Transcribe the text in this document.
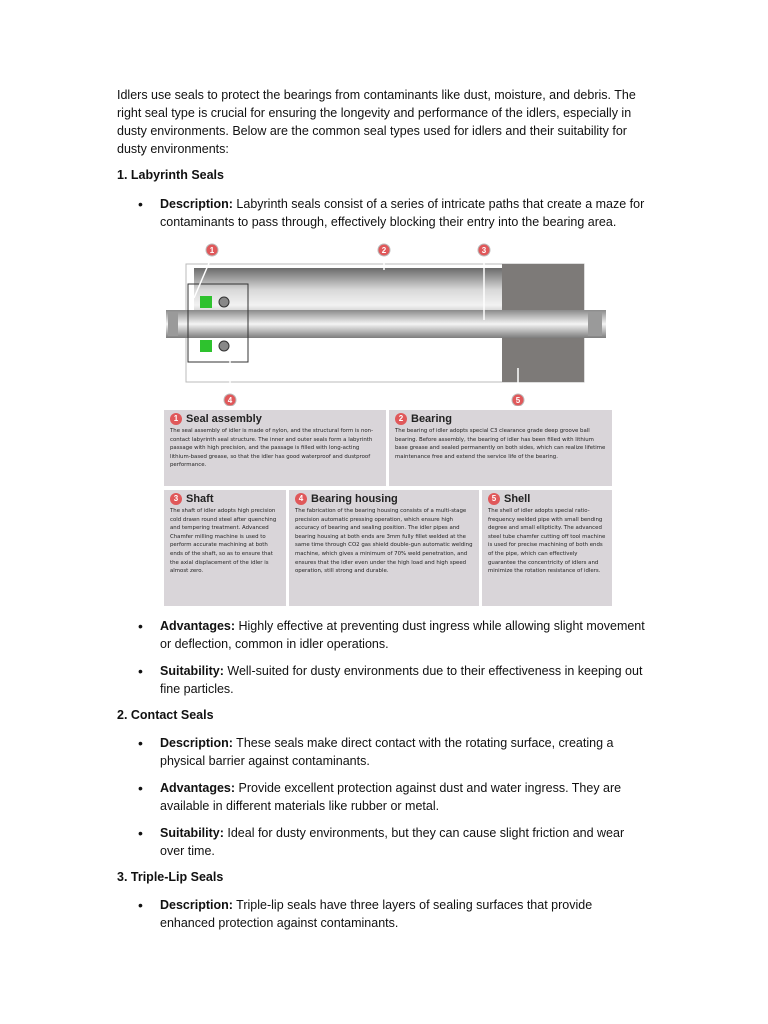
Idlers use seals to protect the bearings from contaminants like dust, moisture, and debris. The right seal type is crucial for ensuring the longevity and performance of the idlers, especially in dusty environments. Below are the common seal types used for idlers and their suitability for dusty environments:
1. Labyrinth Seals
• Description: Labyrinth seals consist of a series of intricate paths that create a maze for contaminants to pass through, effectively blocking their entry into the bearing area.
1	2	3
4	5
1 Seal assembly
The seal assembly of idler is made of nylon, and the structural form is non-contact labyrinth seal structure. The inner and outer seals form a labyrinth passage with high precision, and the passage is filled with long-acting lithium-based grease, so that the idler has good waterproof and dustproof performance.
2 Bearing
The bearing of idler adopts special C3 clearance grade deep groove ball bearing. Before assembly, the bearing of idler has been filled with lithium base grease and sealed permanently on both sides, which can realize lifetime maintenance free and extend the service life of the bearing.
3 Shaft
The shaft of idler adopts high precision cold drawn round steel after quenching and tempering treatment. Advanced Chamfer milling machine is used to perform accurate machining at both ends of the shaft, so as to ensure that the axial displacement of the idler is almost zero.
4 Bearing housing
The fabrication of the bearing housing consists of a multi-stage precision automatic pressing operation, which ensure high accuracy of bearing and sealing position. The idler pipes and bearing housing at both ends are 3mm fully fillet welded at the same time through CO2 gas shield double-gun automatic welding machine, which gives a minimum of 70% weld penetration, and ensures that the idler even under the high load and high speed operation, still strong and durable.
5 Shell
The shell of idler adopts special ratio-frequency welded pipe with small bending degree and small ellipticity. The advanced steel tube chamfer cutting off tool machine is used for precise machining of both ends of the pipe, which can effectively guarantee the concentricity of idlers and minimize the rotation resistance of idlers.
• Advantages: Highly effective at preventing dust ingress while allowing slight movement or deflection, common in idler operations.
• Suitability: Well-suited for dusty environments due to their effectiveness in keeping out fine particles.
2. Contact Seals
• Description: These seals make direct contact with the rotating surface, creating a physical barrier against contaminants.
• Advantages: Provide excellent protection against dust and water ingress. They are available in different materials like rubber or metal.
• Suitability: Ideal for dusty environments, but they can cause slight friction and wear over time.
3. Triple-Lip Seals
• Description: Triple-lip seals have three layers of sealing surfaces that provide enhanced protection against contaminants.
